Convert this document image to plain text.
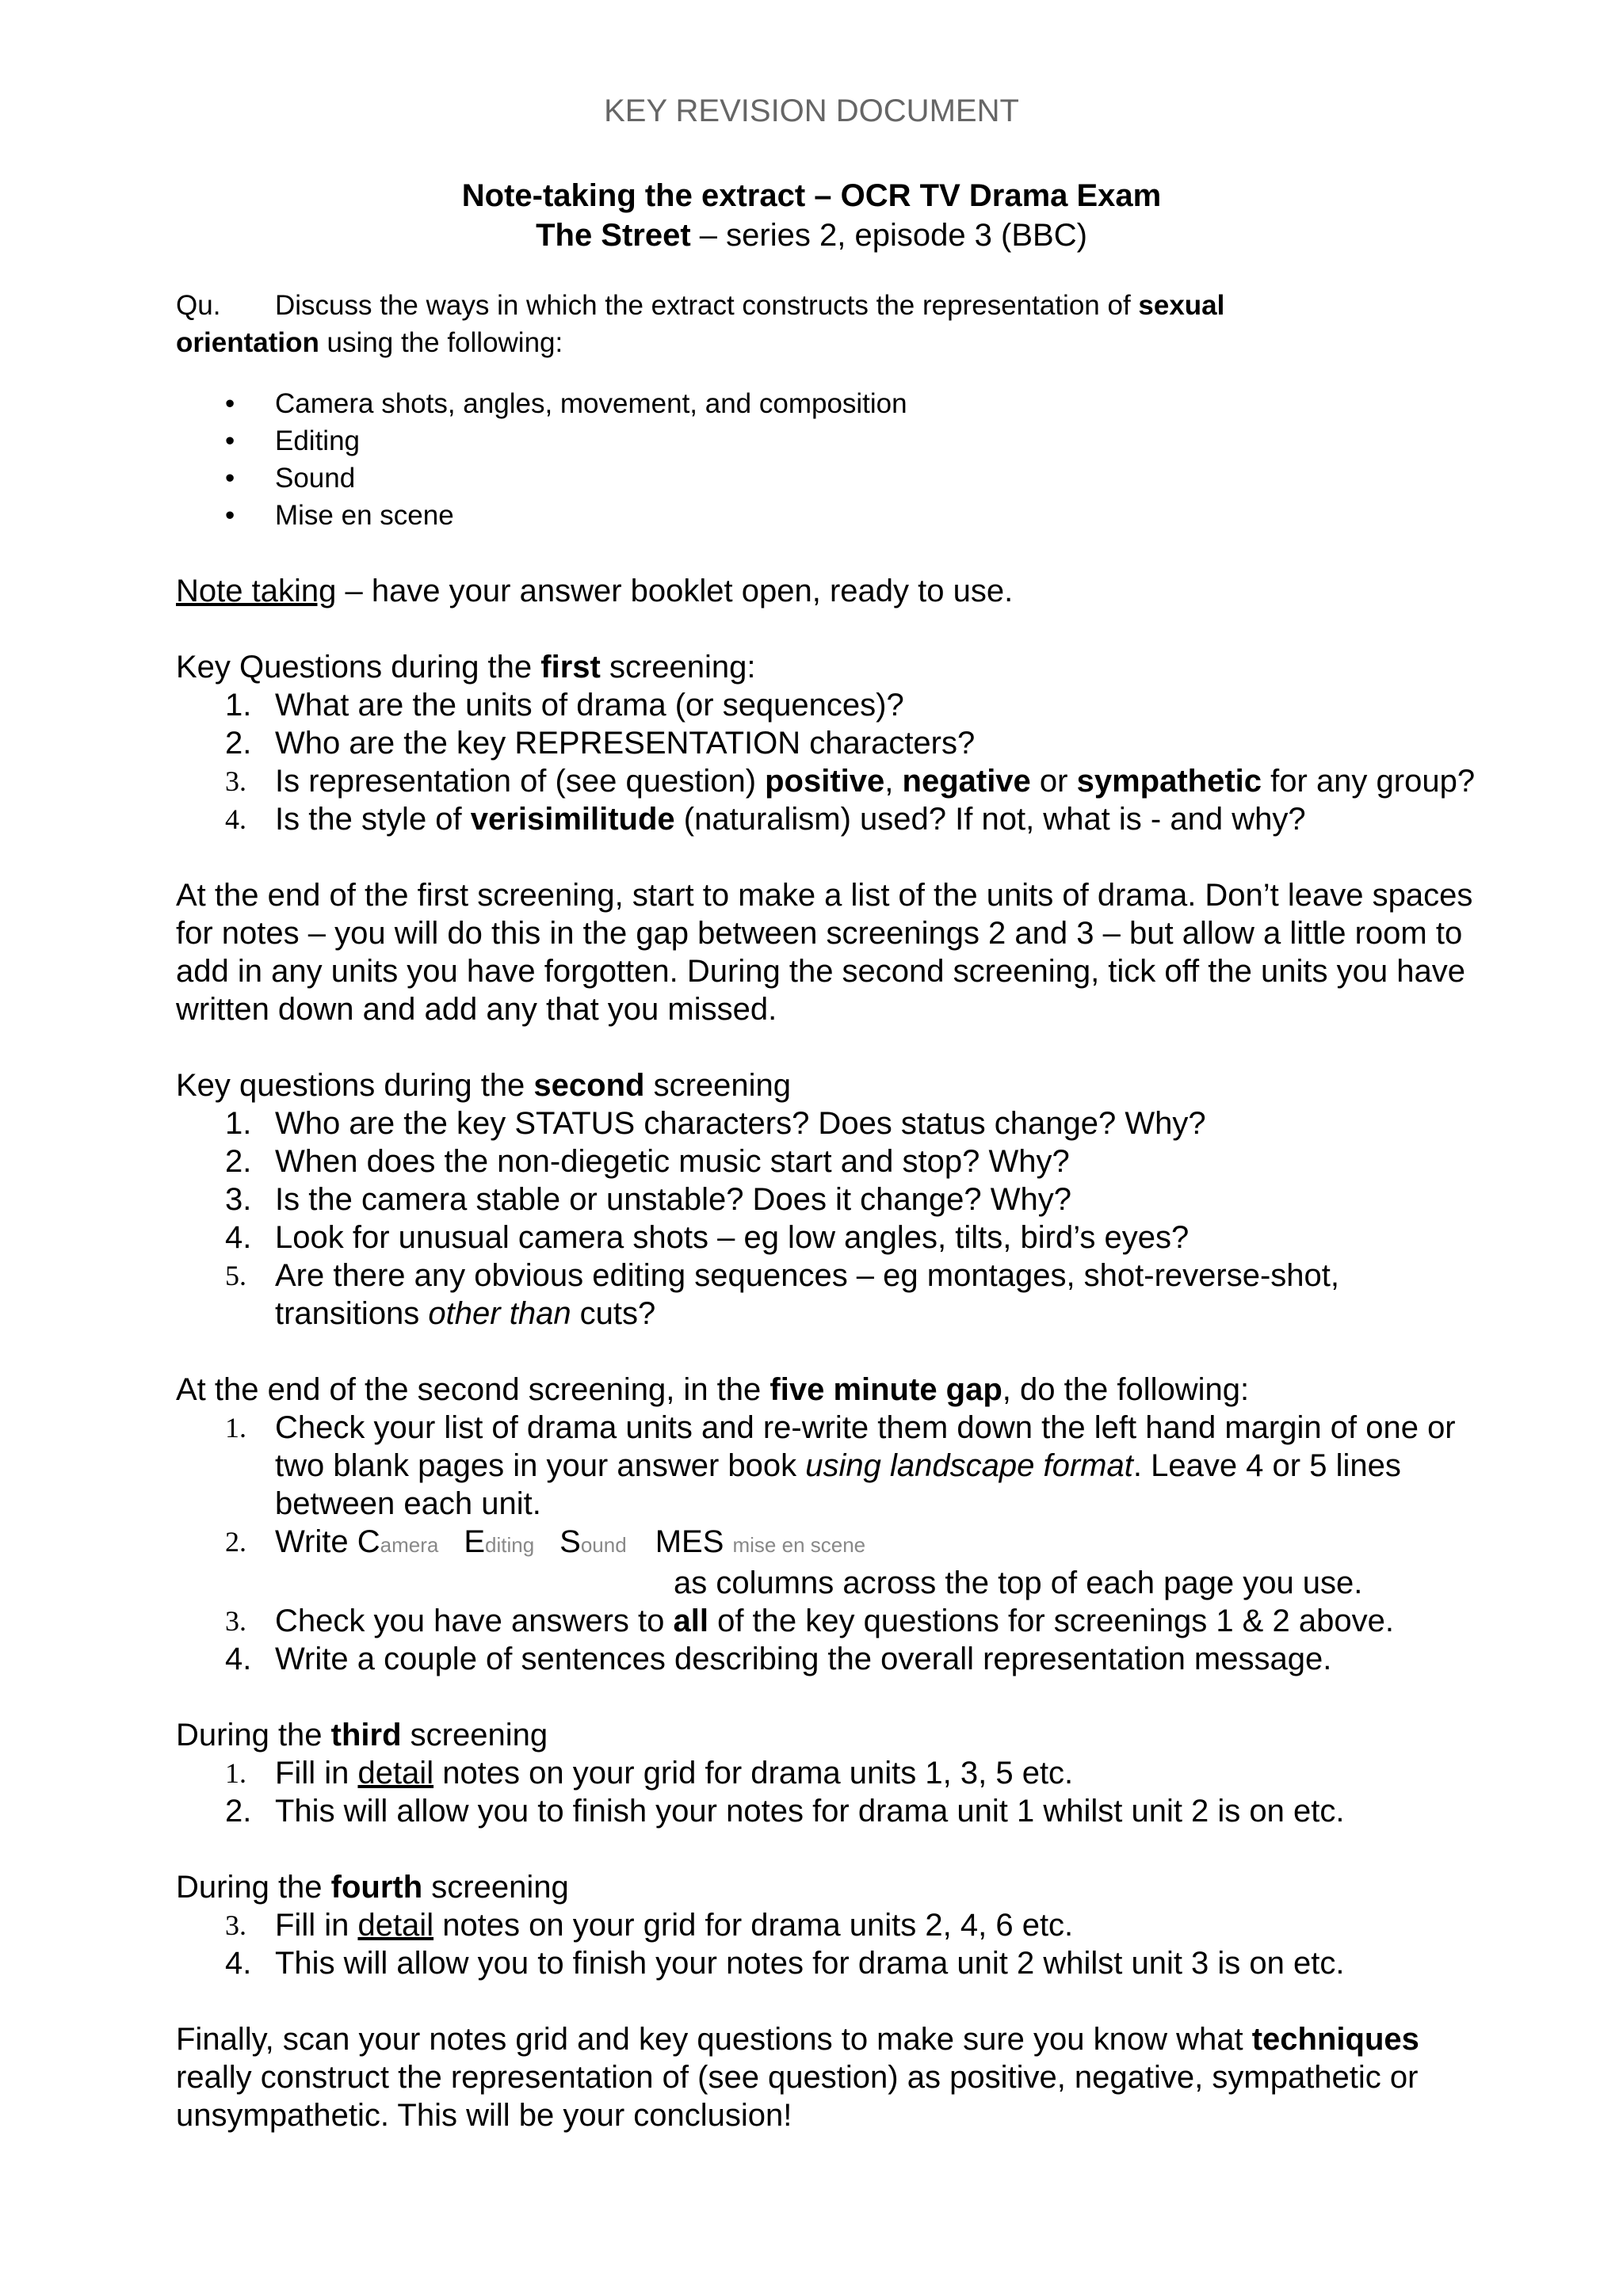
KEY REVISION DOCUMENT
Note-taking the extract – OCR TV Drama Exam
The Street – series 2, episode 3 (BBC)
Qu.	Discuss the ways in which the extract constructs the representation of sexual
orientation using the following:
• Camera shots, angles, movement, and composition
• Editing
• Sound
• Mise en scene

Note taking – have your answer booklet open, ready to use.

Key Questions during the first screening:

1. What are the units of drama (or sequences)?
2. Who are the key REPRESENTATION characters?
3. Is representation of (see question) positive, negative or sympathetic for any group?
4. Is the style of verisimilitude (naturalism) used? If not, what is - and why?

At the end of the first screening, start to make a list of the units of drama. Don’t leave spaces for notes – you will do this in the gap between screenings 2 and 3 – but allow a little room to add in any units you have forgotten. During the second screening, tick off the units you have written down and add any that you missed.

Key questions during the second screening

1. Who are the key STATUS characters? Does status change? Why?
2. When does the non-diegetic music start and stop? Why?
3. Is the camera stable or unstable? Does it change? Why?
4. Look for unusual camera shots – eg low angles, tilts, bird’s eyes?
5. Are there any obvious editing sequences – eg montages, shot-reverse-shot, transitions other than cuts?

At the end of the second screening, in the five minute gap, do the following:

1. Check your list of drama units and re-write them down the left hand margin of one or two blank pages in your answer book using landscape format. Leave 4 or 5 lines between each unit.
2. Write Camera Editing Sound MES mise en scene
as columns across the top of each page you use.
3. Check you have answers to all of the key questions for screenings 1 & 2 above.
4. Write a couple of sentences describing the overall representation message.

During the third screening

1. Fill in detail notes on your grid for drama units 1, 3, 5 etc.
2. This will allow you to finish your notes for drama unit 1 whilst unit 2 is on etc.

During the fourth screening

3. Fill in detail notes on your grid for drama units 2, 4, 6 etc.
4. This will allow you to finish your notes for drama unit 2 whilst unit 3 is on etc.

Finally, scan your notes grid and key questions to make sure you know what techniques really construct the representation of (see question) as positive, negative, sympathetic or unsympathetic. This will be your conclusion!
